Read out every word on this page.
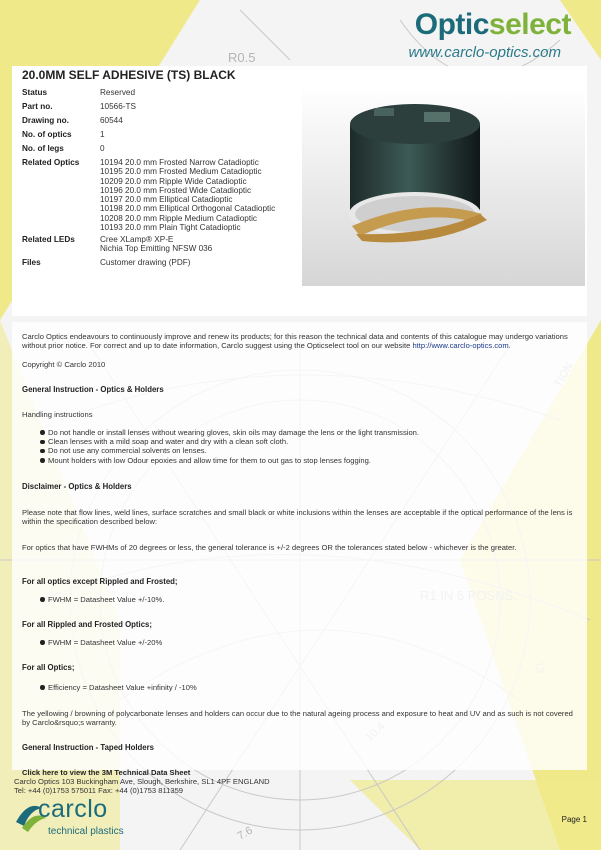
R0.5
7.6
Opticselect
www.carclo-optics.com
20.0MM SELF ADHESIVE (TS) BLACK
Status	Reserved
Part no.	10566-TS
Drawing no.	60544
No. of optics	1
No. of legs	0
Related Optics	10194 20.0 mm Frosted Narrow Catadioptic
10195 20.0 mm Frosted Medium Catadioptic
10209 20.0 mm Ripple Wide Catadioptic
10196 20.0 mm Frosted Wide Catadioptic
10197 20.0 mm Elliptical Catadioptic
10198 20.0 mm Elliptical Orthogonal Catadioptic
10208 20.0 mm Ripple Medium Catadioptic
10193 20.0 mm Plain Tight Catadioptic
Related LEDs	Cree XLamp® XP-E
Nichia Top Emitting NFSW 036
Files	Customer drawing (PDF)
Carclo Optics endeavours to continuously improve and renew its products; for this reason the technical data and contents of this catalogue may undergo variations without prior notice. For correct and up to date information, Carclo suggest using the Opticselect tool on our website http://www.carclo-optics.com.
Copyright © Carclo 2010
General Instruction - Optics & Holders
Handling instructions
Do not handle or install lenses without wearing gloves, skin oils may damage the lens or the light transmission.
Clean lenses with a mild soap and water and dry with a clean soft cloth.
Do not use any commercial solvents on lenses.
Mount holders with low Odour epoxies and allow time for them to out gas to stop lenses fogging.
Disclaimer - Optics & Holders
Please note that flow lines, weld lines, surface scratches and small black or white inclusions within the lenses are acceptable if the optical performance of the lens is within the specification described below:
For optics that have FWHMs of 20 degrees or less, the general tolerance is +/-2 degrees OR the tolerances stated below - whichever is the greater.
For all optics except Rippled and Frosted;
FWHM = Datasheet Value +/-10%.
For all Rippled and Frosted Optics;
FWHM = Datasheet Value +/-20%
For all Optics;
Efficiency = Datasheet Value +infinity / -10%
The yellowing / browning of polycarbonate lenses and holders can occur due to the natural ageing process and exposure to heat and UV and as such is not covered by Carclo&rsquo;s warranty.
General Instruction - Taped Holders
Click here to view the 3M Technical Data Sheet
Carclo Optics 103 Buckingham Ave, Slough, Berkshire, SL1 4PF ENGLAND
Tel: +44 (0)1753 575011 Fax: +44 (0)1753 811359
carclo
technical plastics
Page 1
